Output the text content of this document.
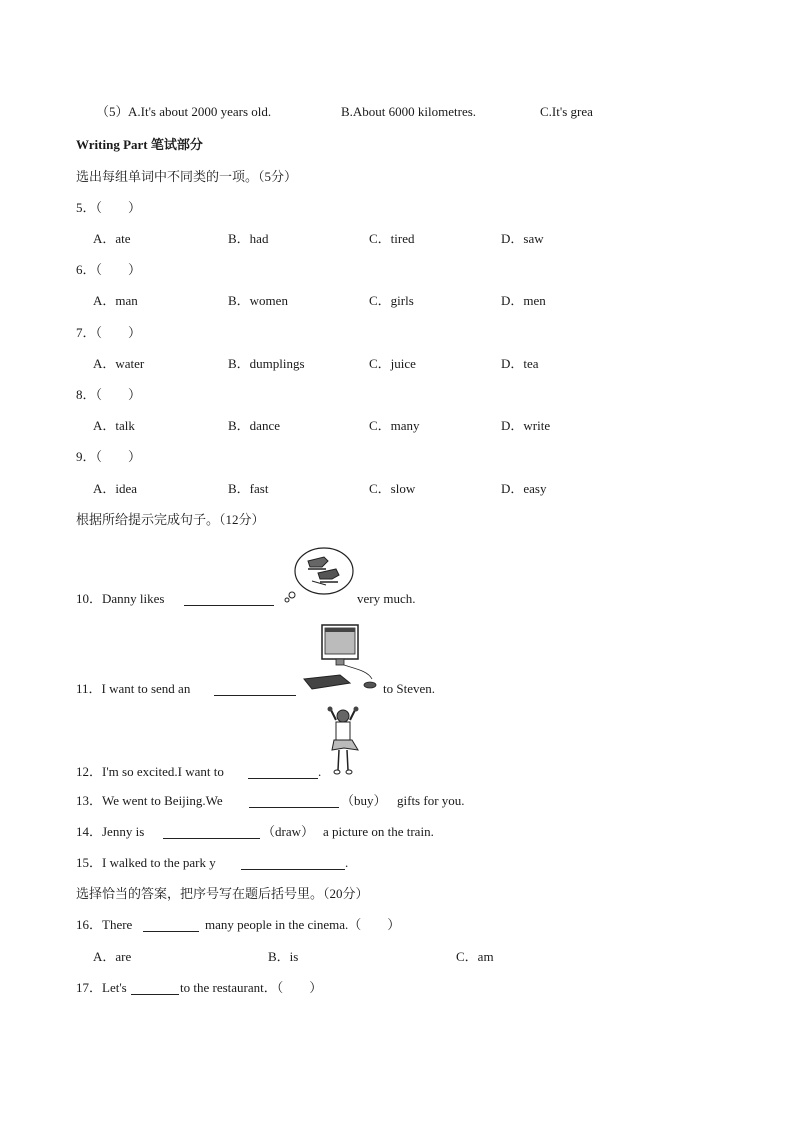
（5） A.It's about 2000 years old.	B.About 6000 kilometres.	C.It's grea
Writing Part 笔试部分
选出每组单词中不同类的一项。（5分）
5．（　　）
A．ate	B．had	C．tired	D．saw
6．（　　）
A．man	B．women	C．girls	D．men
7．（　　）
A．water	B．dumplings	C．juice	D．tea
8．（　　）
A．talk	B．dance	C．many	D．write
9．（　　）
A．idea	B．fast	C．slow	D．easy
根据所给提示完成句子。（12分）
10．Danny likes	very much.
11．I want to send an	to Steven.
12．I'm so excited.I want to	.
13．We went to Beijing.We	（buy） gifts for you.
14．Jenny is	（draw） a picture on the train.
15．I walked to the park y	.
选择恰当的答案，把序号写在题后括号里。（20分）
16．There	many people in the cinema.（　　）
A．are	B．is	C．am
17．Let's	to the restaurant．（　　）
